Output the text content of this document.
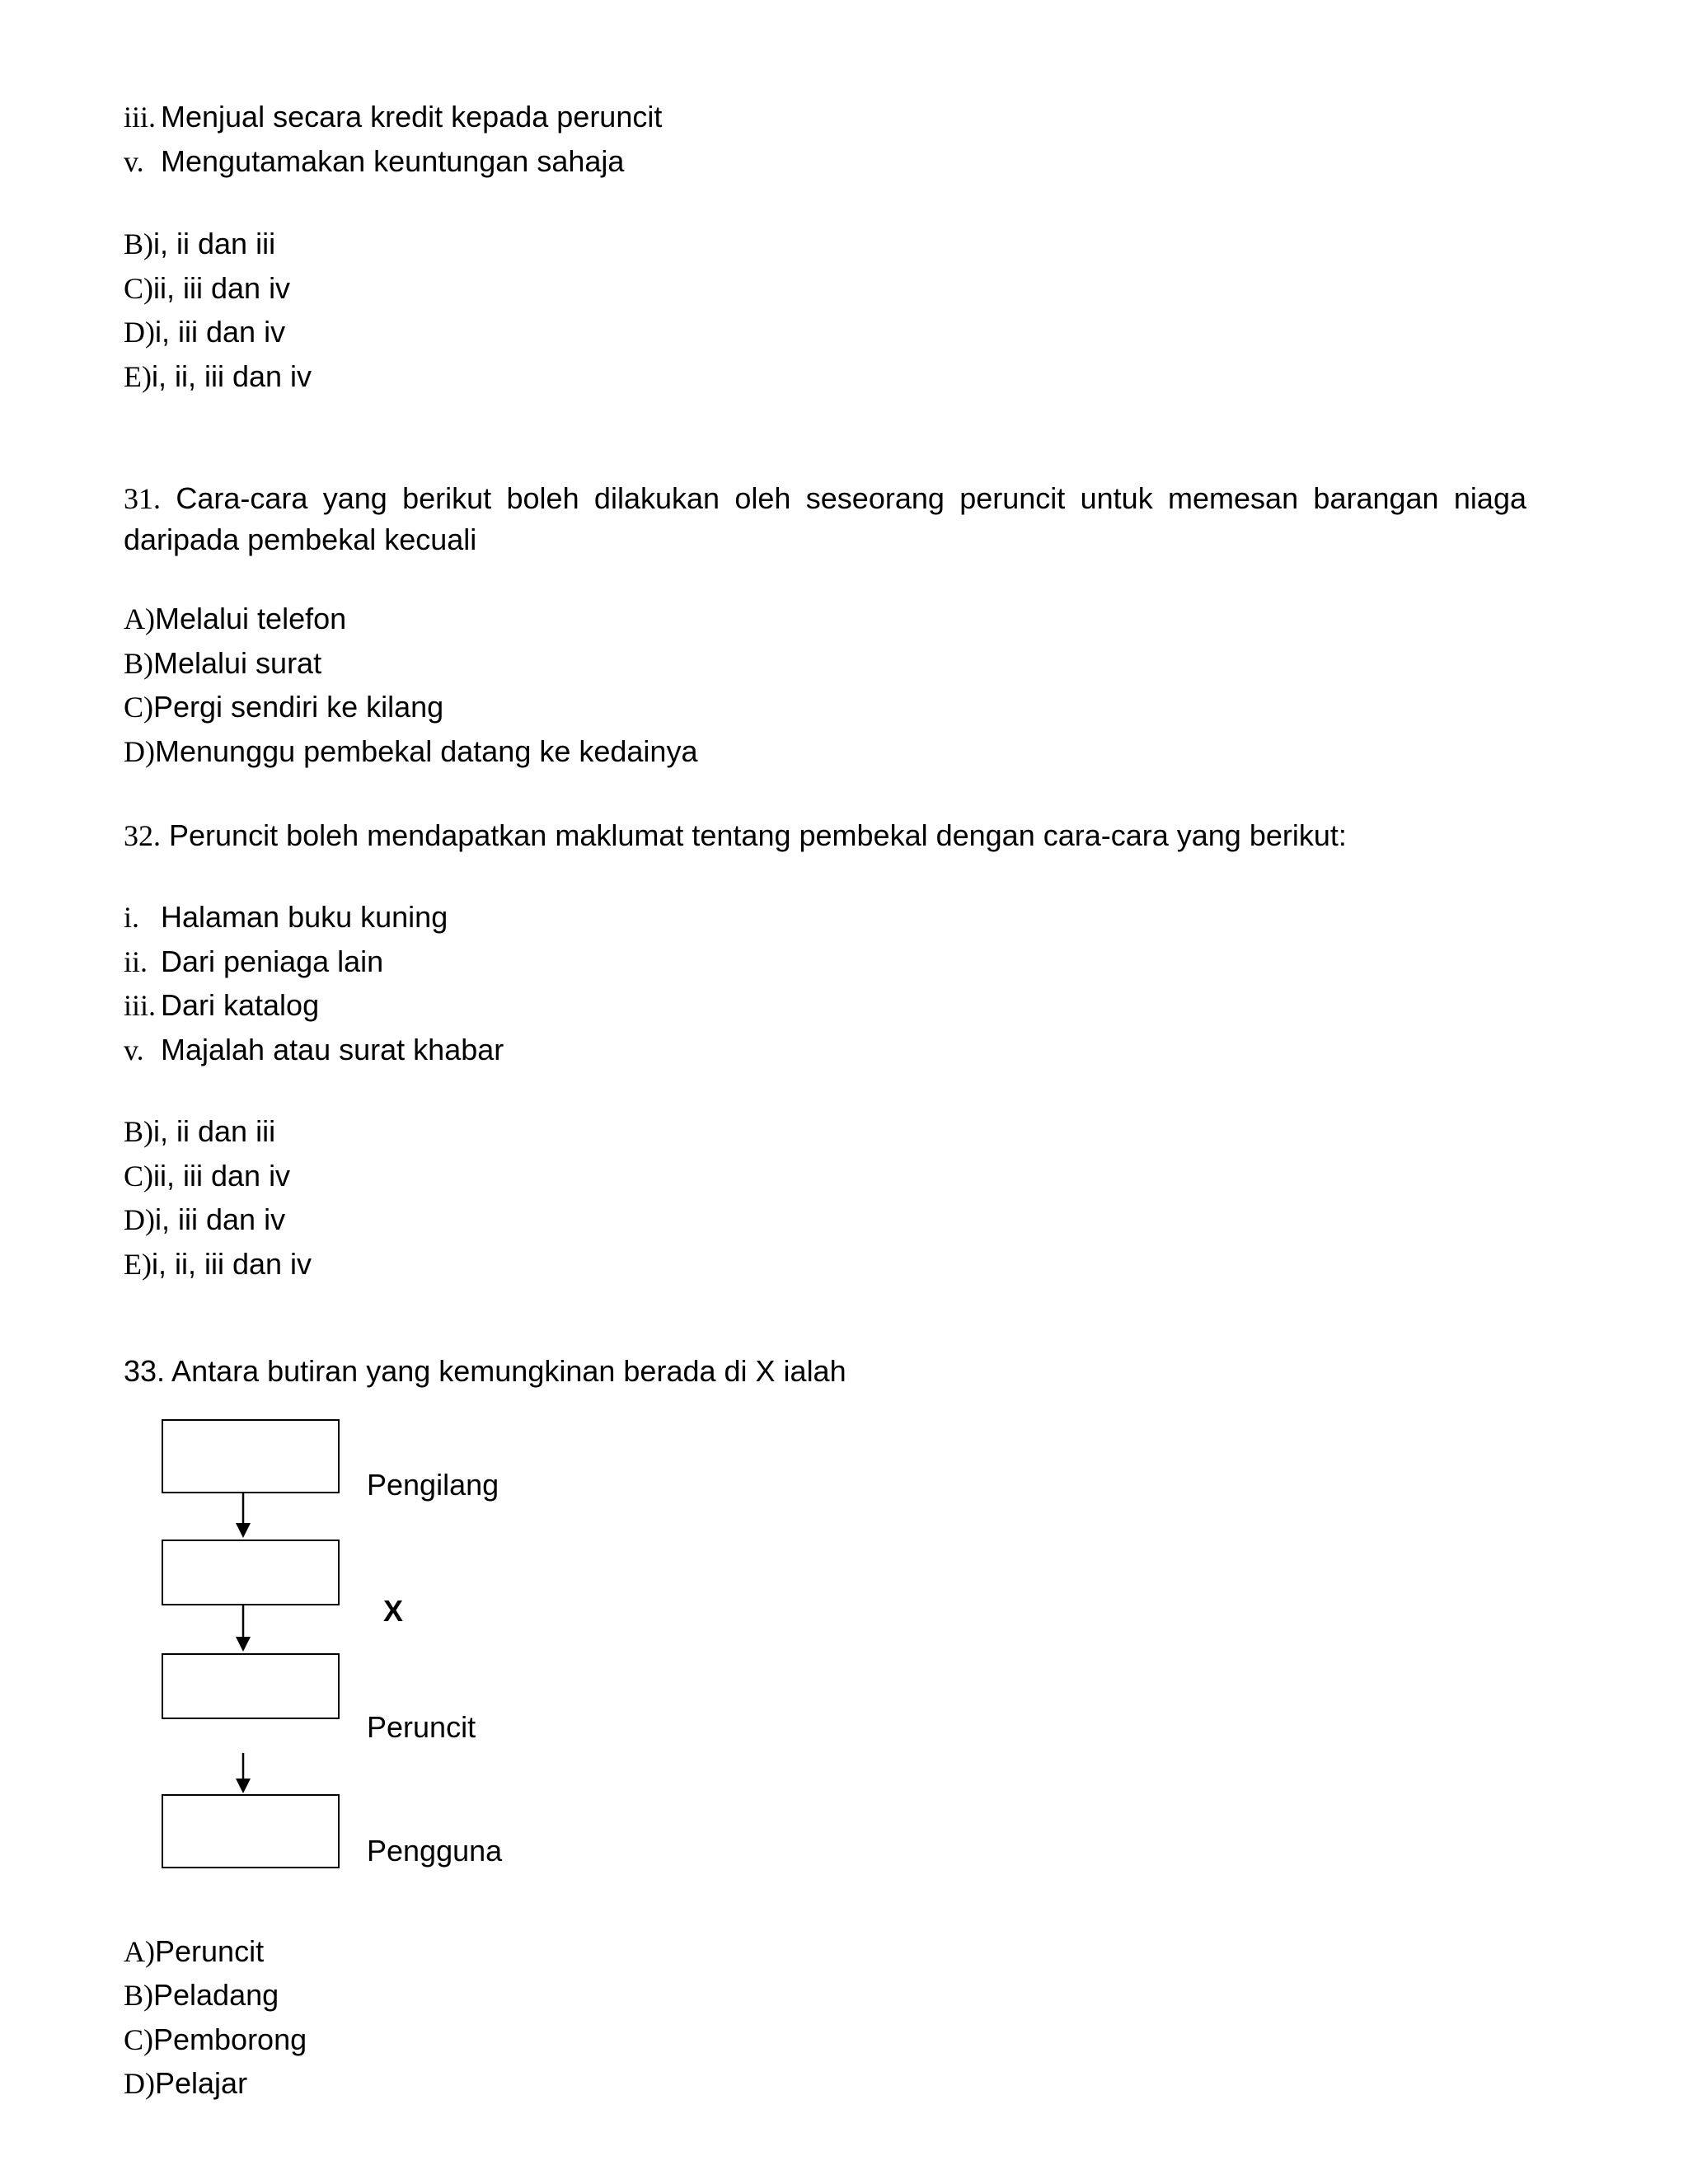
iii. Menjual secara kredit kepada peruncit
v. Mengutamakan keuntungan sahaja
B)i, ii dan iii
C)ii, iii dan iv
D)i, iii dan iv
E)i, ii, iii dan iv
31. Cara-cara yang berikut boleh dilakukan oleh seseorang peruncit untuk memesan barangan niaga
daripada pembekal kecuali
A)Melalui telefon
B)Melalui surat
C)Pergi sendiri ke kilang
D)Menunggu pembekal datang ke kedainya
32. Peruncit boleh mendapatkan maklumat tentang pembekal dengan cara-cara yang berikut:
i. Halaman buku kuning
ii. Dari peniaga lain
iii. Dari katalog
v. Majalah atau surat khabar
B)i, ii dan iii
C)ii, iii dan iv
D)i, iii dan iv
E)i, ii, iii dan iv
33. Antara butiran yang kemungkinan berada di X ialah
Pengilang
X
Peruncit
Pengguna
A)Peruncit
B)Peladang
C)Pemborong
D)Pelajar
